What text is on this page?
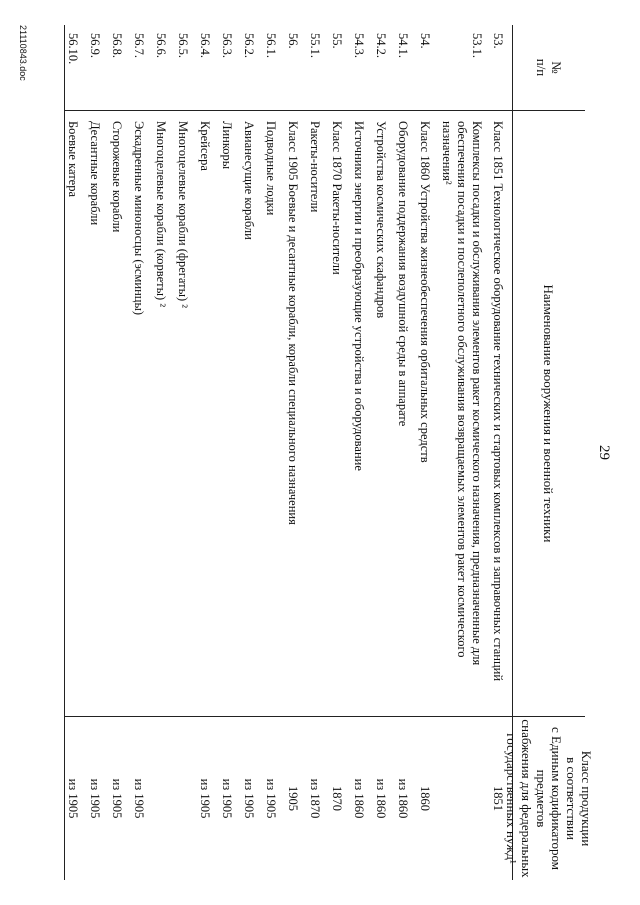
29
№
п/п
Наименование вооружения и военной техники
Класс продукции
в соответствии
с Единым кодификатором предметов
снабжения для федеральных
государственных нужд¹
53.
Класс 1851 Технологическое оборудование технических и стартовых комплексов и заправочных станций
1851
53.1.
Комплексы посадки и обслуживания элементов ракет космического назначения, предназначенные для обеспечения посадки и послеполетного обслуживания возвращаемых элементов ракет космического назначения²
54.
Класс 1860 Устройства жизнеобеспечения орбитальных средств
1860
54.1.
Оборудование поддержания воздушной среды в аппарате
из 1860
54.2.
Устройства космических скафандров
из 1860
54.3.
Источники энергии и преобразующие устройства и оборудование
из 1860
55.
Класс 1870 Ракеты-носители
1870
55.1.
Ракеты-носители
из 1870
56.
Класс 1905 Боевые и десантные корабли, корабли специального назначения
1905
56.1.
Подводные лодки
из 1905
56.2.
Авианесущие корабли
из 1905
56.3.
Линкоры
из 1905
56.4.
Крейсера
из 1905
56.5.
Многоцелевые корабли (фрегаты) ²
56.6.
Многоцелевые корабли (корветы) ²
56.7.
Эскадренные миноносцы (эсминцы)
из 1905
56.8.
Сторожевые корабли
из 1905
56.9.
Десантные корабли
из 1905
56.10.
Боевые катера
из 1905
21110843.doc
